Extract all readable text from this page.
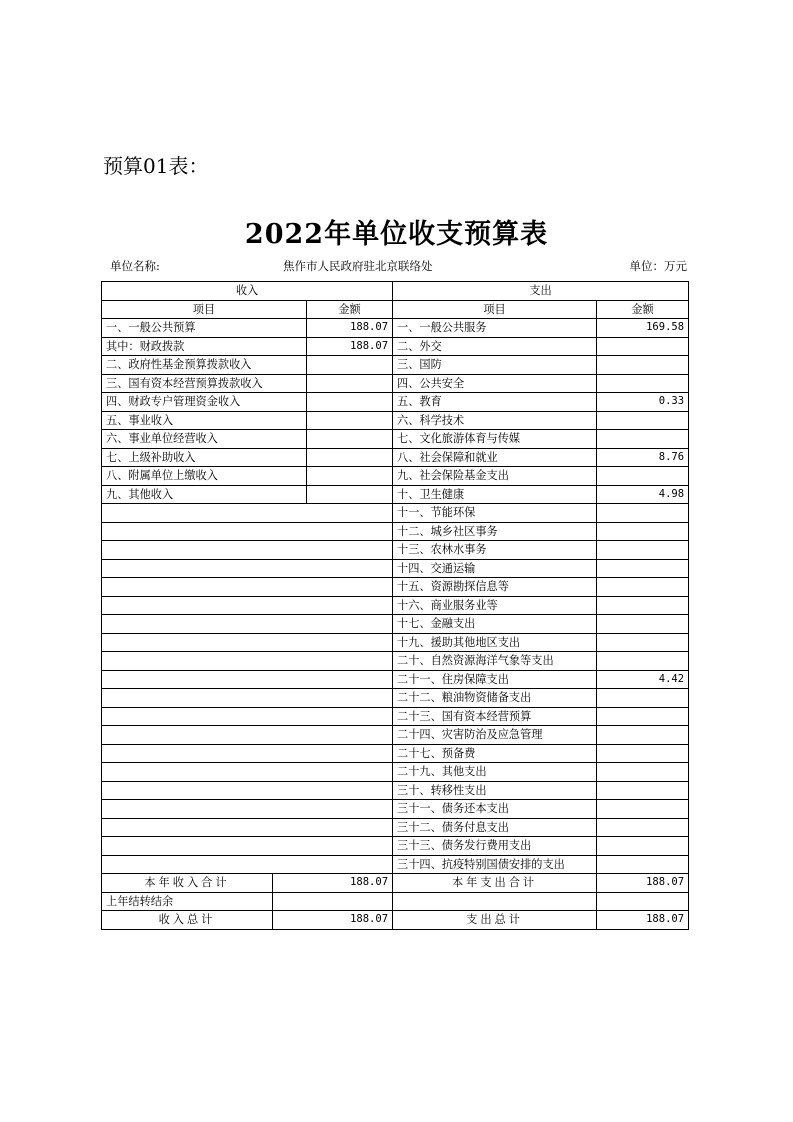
预算01表：
2022年单位收支预算表
单位名称:	焦作市人民政府驻北京联络处	单位：万元
收入			支出	
项目		金额	项目	金额
一、一般公共预算		188.07	一、一般公共服务	169.58
其中：财政拨款		188.07	二、外交	
二、政府性基金预算拨款收入			三、国防	
三、国有资本经营预算拨款收入			四、公共安全	
四、财政专户管理资金收入			五、教育	0.33
五、事业收入			六、科学技术	
六、事业单位经营收入			七、文化旅游体育与传媒	
七、上级补助收入			八、社会保障和就业	8.76
八、附属单位上缴收入			九、社会保险基金支出	
九、其他收入			十、卫生健康	4.98
			十一、节能环保	
			十二、城乡社区事务	
			十三、农林水事务	
			十四、交通运输	
			十五、资源勘探信息等	
			十六、商业服务业等	
			十七、金融支出	
			十九、援助其他地区支出	
			二十、自然资源海洋气象等支出	
			二十一、住房保障支出	4.42
			二十二、粮油物资储备支出	
			二十三、国有资本经营预算	
			二十四、灾害防治及应急管理	
			二十七、预备费	
			二十九、其他支出	
			三十、转移性支出	
			三十一、债务还本支出	
			三十二、债务付息支出	
			三十三、债务发行费用支出	
			三十四、抗疫特别国债安排的支出	
本年收入合计	188.07		本年支出合计	188.07
上年结转结余				
收入总计	188.07		支出总计	188.07
